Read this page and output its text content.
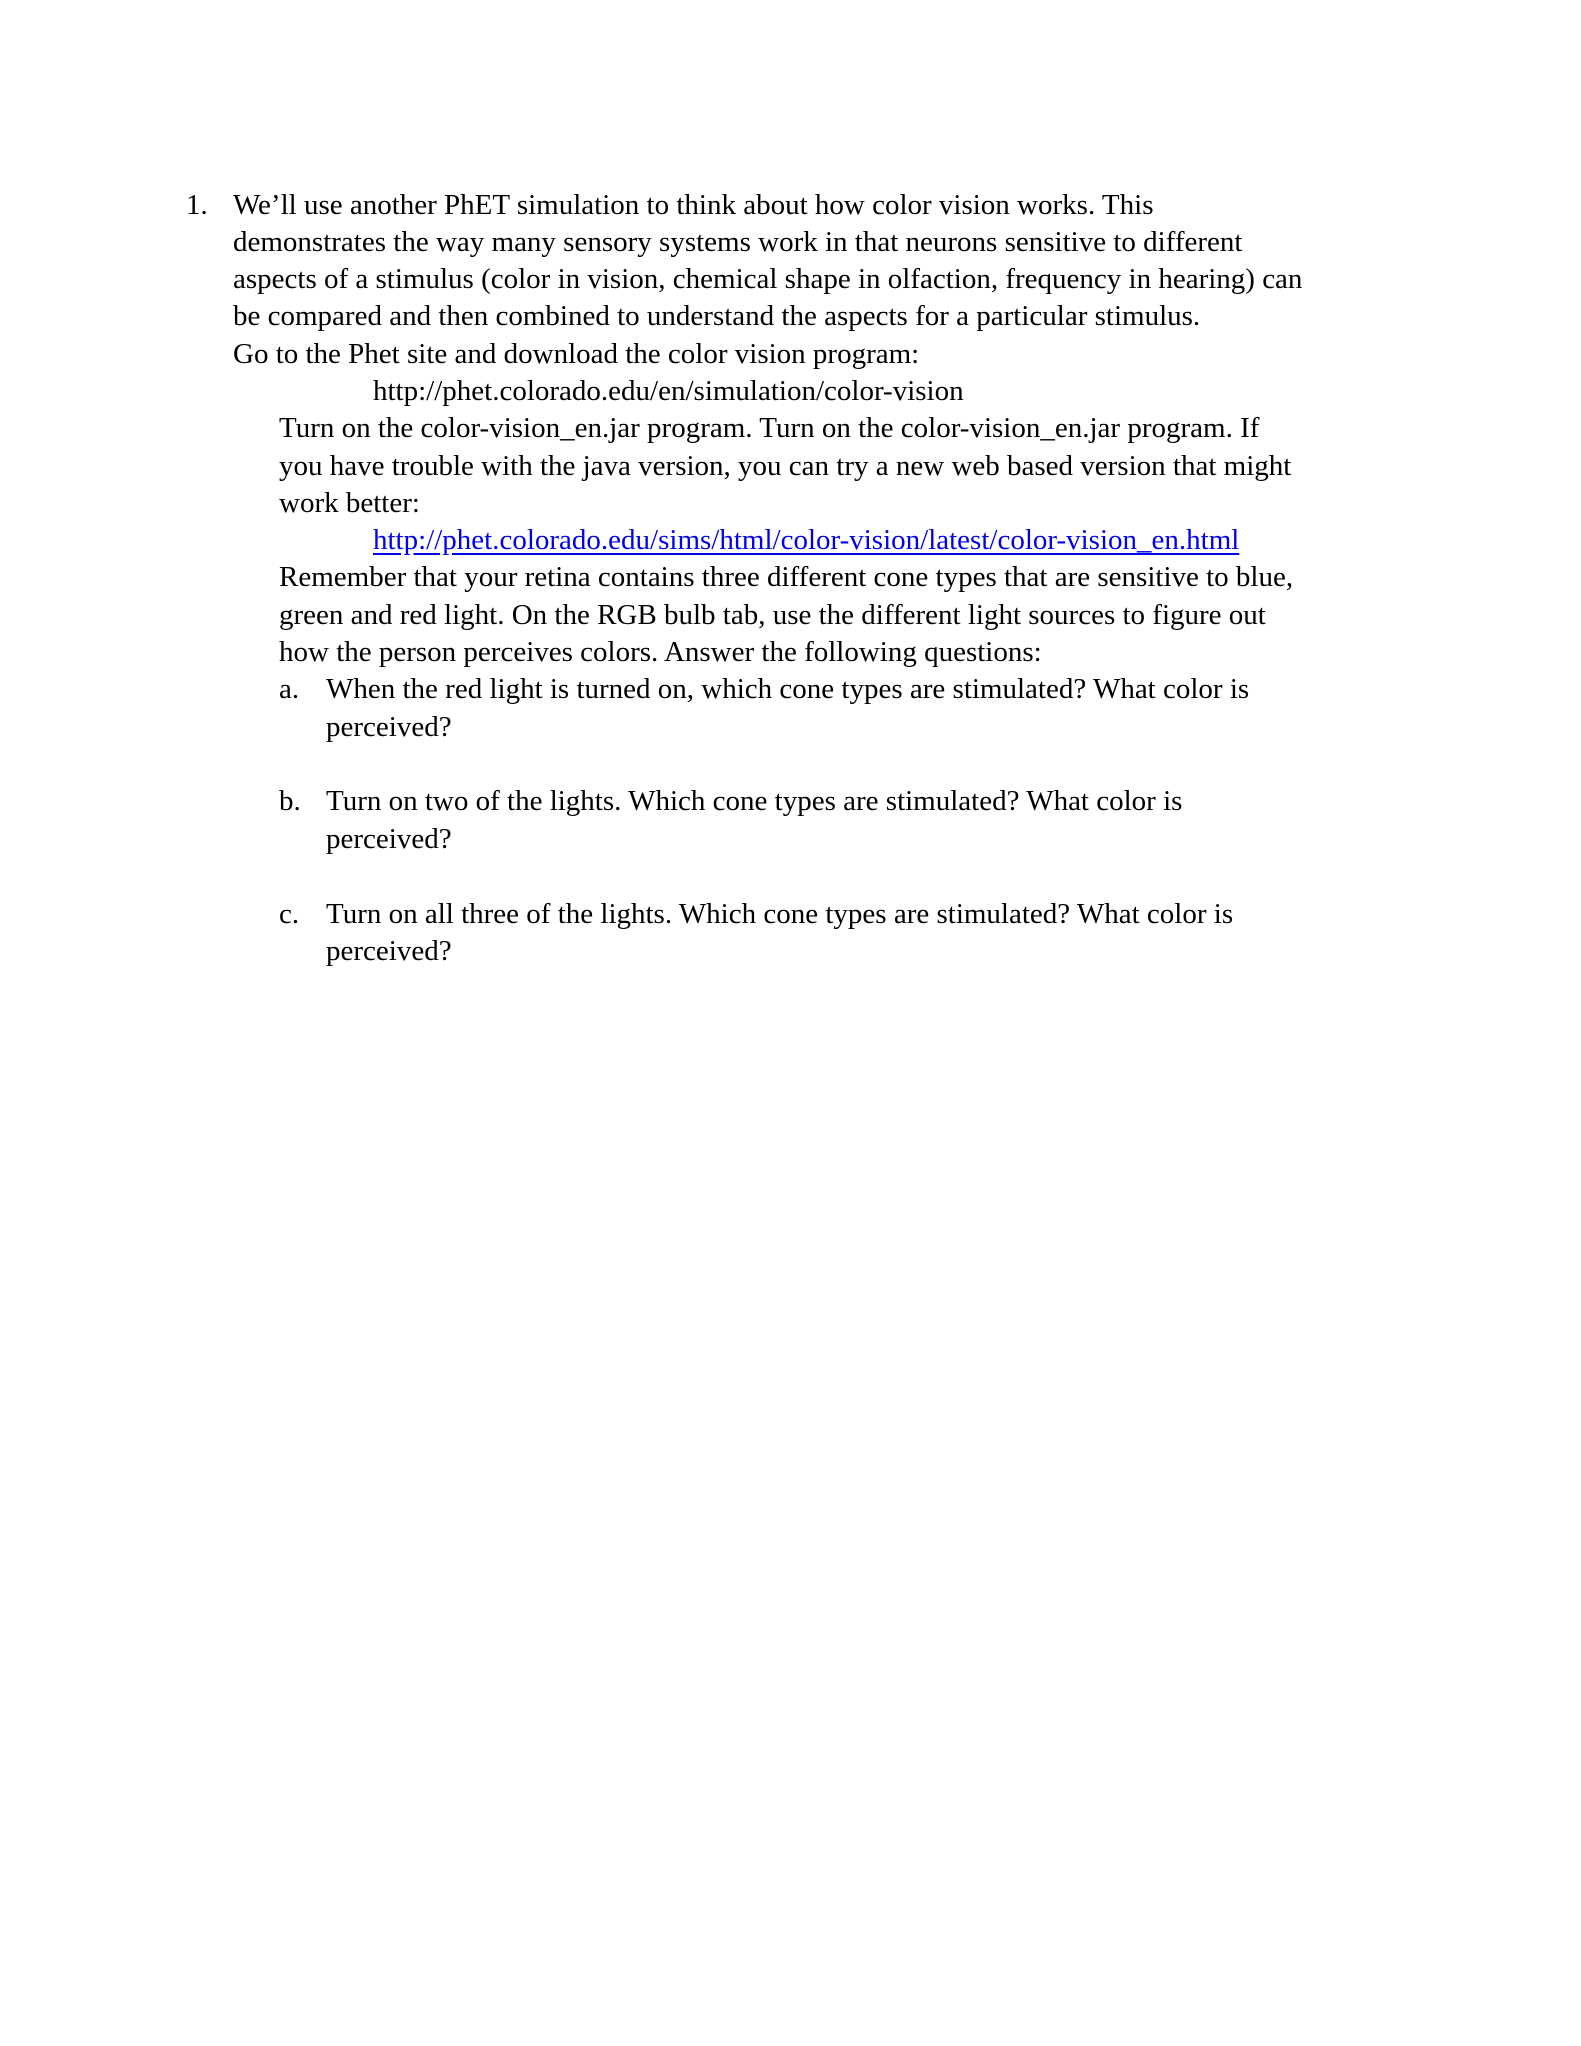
1. We’ll use another PhET simulation to think about how color vision works. This
demonstrates the way many sensory systems work in that neurons sensitive to different
aspects of a stimulus (color in vision, chemical shape in olfaction, frequency in hearing) can
be compared and then combined to understand the aspects for a particular stimulus.
Go to the Phet site and download the color vision program:
http://phet.colorado.edu/en/simulation/color-vision
Turn on the color-vision_en.jar program. Turn on the color-vision_en.jar program. If
you have trouble with the java version, you can try a new web based version that might
work better:
http://phet.colorado.edu/sims/html/color-vision/latest/color-vision_en.html
Remember that your retina contains three different cone types that are sensitive to blue,
green and red light. On the RGB bulb tab, use the different light sources to figure out
how the person perceives colors. Answer the following questions:
a. When the red light is turned on, which cone types are stimulated? What color is
perceived?
b. Turn on two of the lights. Which cone types are stimulated? What color is
perceived?
c. Turn on all three of the lights. Which cone types are stimulated? What color is
perceived?
